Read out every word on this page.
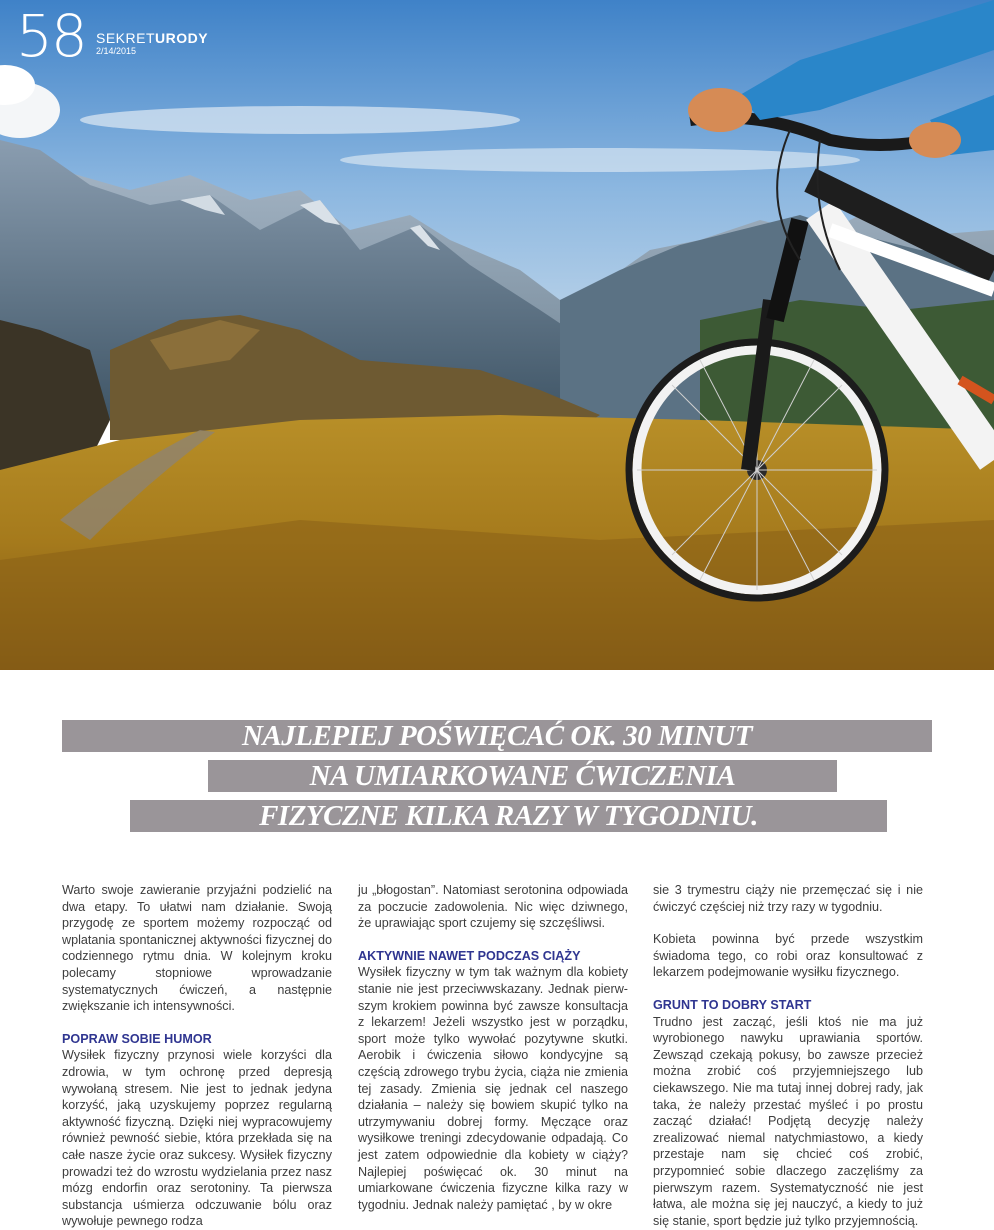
58 SEKRETURODY
2/14/2015
NAJLEPIEJ POŚWIĘCAĆ OK. 30 MINUT
NA UMIARKOWANE ĆWICZENIA
FIZYCZNE KILKA RAZY W TYGODNIU.

Warto swoje zawieranie przyjaźni podzielić na dwa etapy. To ułatwi nam działanie. Swoją przygodę ze sportem możemy rozpocząć od wplatania spontanicznej aktywności fizycznej do codziennego rytmu dnia. W kolejnym kroku polecamy stopniowe wprowadzanie systematycznych ćwiczeń, a następnie zwiększanie ich intensywności.

POPRAW SOBIE HUMOR

Wysiłek fizyczny przynosi wiele korzyści dla zdrowia, w tym ochronę przed depresją wywołaną stresem. Nie jest to jednak jedyna korzyść, jaką uzyskujemy poprzez regularną aktywność fizyczną. Dzięki niej wypracowujemy również pewność siebie, która przekłada się na całe nasze życie oraz sukcesy. Wysiłek fizyczny prowadzi też do wzrostu wydzielania przez nasz mózg endorfin oraz serotoniny. Ta pierwsza substancja uśmierza odczuwanie bólu oraz wywołuje pewnego rodza

ju „błogostan”. Natomiast serotonina odpowiada za poczucie zadowolenia. Nic więc dziwnego, że uprawiając sport czujemy się szczęśliwsi.

AKTYWNIE NAWET PODCZAS CIĄŻY

Wysiłek fizyczny w tym tak ważnym dla kobiety stanie nie jest przeciwwskazany. Jednak pierwszym krokiem powinna być zawsze konsultacja z lekarzem! Jeżeli wszystko jest w porządku, sport może tylko wywołać pozytywne skutki. Aerobik i ćwiczenia siłowo kondycyjne są częścią zdrowego trybu życia, ciąża nie zmienia tej zasady. Zmienia się jednak cel naszego działania – należy się bowiem skupić tylko na utrzymywaniu dobrej formy. Męczące oraz wysiłkowe treningi zdecydowanie odpadają. Co jest zatem odpowiednie dla kobiety w ciąży? Najlepiej poświęcać ok. 30 minut na umiarkowane ćwiczenia fizyczne kilka razy w tygodniu. Jednak należy pamiętać , by w okre

sie 3 trymestru ciąży nie przemęczać się i nie ćwiczyć częściej niż trzy razy w tygodniu.

Kobieta powinna być przede wszystkim świadoma tego, co robi oraz konsultować z lekarzem podejmowanie wysiłku fizycznego.

GRUNT TO DOBRY START

Trudno jest zacząć, jeśli ktoś nie ma już wyrobionego nawyku uprawiania sportów. Zewsząd czekają pokusy, bo zawsze przecież można zrobić coś przyjemniejszego lub ciekawszego. Nie ma tutaj innej dobrej rady, jak taka, że należy przestać myśleć i po prostu zacząć działać! Podjętą decyzję należy zrealizować niemal natychmiastowo, a kiedy przestaje nam się chcieć coś zrobić, przypomnieć sobie dlaczego zaczęliśmy za pierwszym razem. Systematyczność nie jest łatwa, ale można się jej nauczyć, a kiedy to już się stanie, sport będzie już tylko przyjemnością.
